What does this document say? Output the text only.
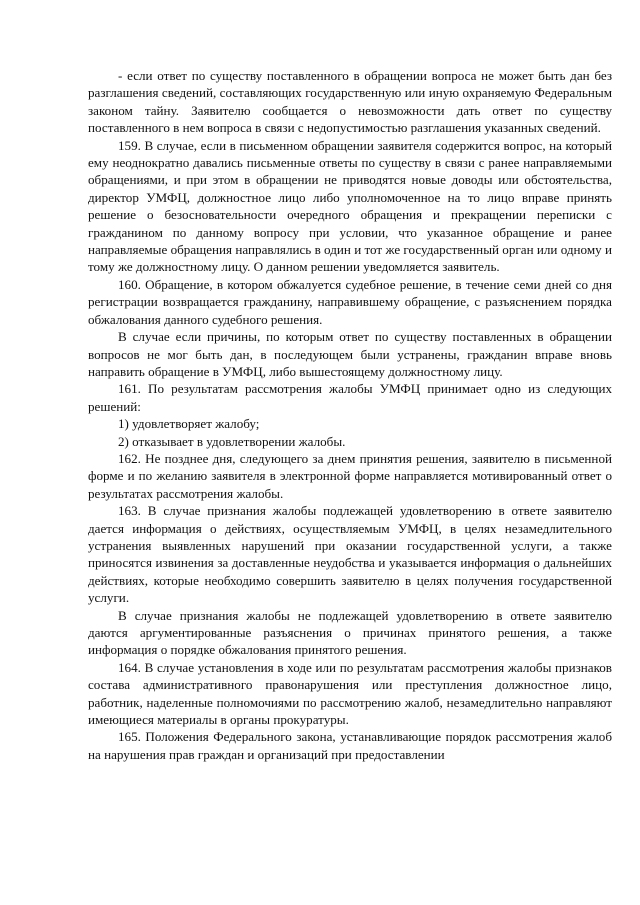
- если ответ по существу поставленного в обращении вопроса не может быть дан без разглашения сведений, составляющих государственную или иную охраняемую Федеральным законом тайну. Заявителю сообщается о невозможности дать ответ по существу поставленного в нем вопроса в связи с недопустимостью разглашения указанных сведений.

159. В случае, если в письменном обращении заявителя содержится вопрос, на который ему неоднократно давались письменные ответы по существу в связи с ранее направляемыми обращениями, и при этом в обращении не приводятся новые доводы или обстоятельства, директор УМФЦ, должностное лицо либо уполномоченное на то лицо вправе принять решение о безосновательности очередного обращения и прекращении переписки с гражданином по данному вопросу при условии, что указанное обращение и ранее направляемые обращения направлялись в один и тот же государственный орган или одному и тому же должностному лицу. О данном решении уведомляется заявитель.

160. Обращение, в котором обжалуется судебное решение, в течение семи дней со дня регистрации возвращается гражданину, направившему обращение, с разъяснением порядка обжалования данного судебного решения.

В случае если причины, по которым ответ по существу поставленных в обращении вопросов не мог быть дан, в последующем были устранены, гражданин вправе вновь направить обращение в УМФЦ, либо вышестоящему должностному лицу.

161. По результатам рассмотрения жалобы УМФЦ принимает одно из следующих решений:

1) удовлетворяет жалобу;

2) отказывает в удовлетворении жалобы.

162. Не позднее дня, следующего за днем принятия решения, заявителю в письменной форме и по желанию заявителя в электронной форме направляется мотивированный ответ о результатах рассмотрения жалобы.

163. В случае признания жалобы подлежащей удовлетворению в ответе заявителю дается информация о действиях, осуществляемым УМФЦ, в целях незамедлительного устранения выявленных нарушений при оказании государственной услуги, а также приносятся извинения за доставленные неудобства и указывается информация о дальнейших действиях, которые необходимо совершить заявителю в целях получения государственной услуги.

В случае признания жалобы не подлежащей удовлетворению в ответе заявителю даются аргументированные разъяснения о причинах принятого решения, а также информация о порядке обжалования принятого решения.

164. В случае установления в ходе или по результатам рассмотрения жалобы признаков состава административного правонарушения или преступления должностное лицо, работник, наделенные полномочиями по рассмотрению жалоб, незамедлительно направляют имеющиеся материалы в органы прокуратуры.

165. Положения Федерального закона, устанавливающие порядок рассмотрения жалоб на нарушения прав граждан и организаций при предоставлении
